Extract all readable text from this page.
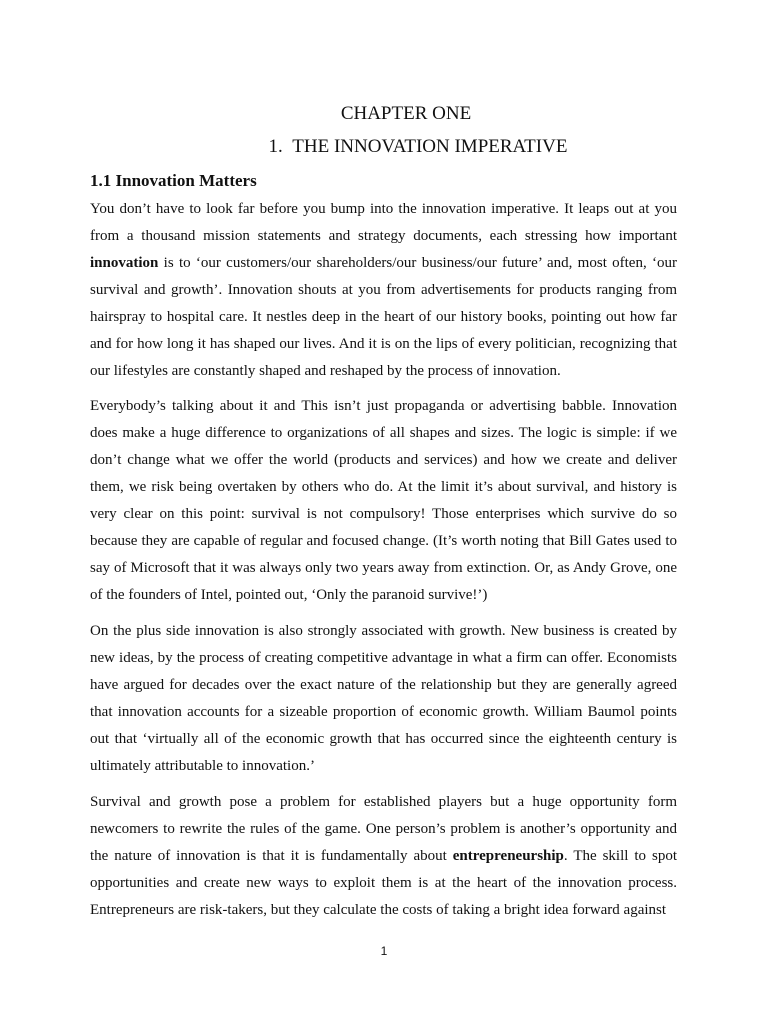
CHAPTER ONE
1. THE INNOVATION IMPERATIVE
1.1 Innovation Matters

You don’t have to look far before you bump into the innovation imperative. It leaps out at you from a thousand mission statements and strategy documents, each stressing how important innovation is to ‘our customers/our shareholders/our business/our future’ and, most often, ‘our survival and growth’. Innovation shouts at you from advertisements for products ranging from hairspray to hospital care. It nestles deep in the heart of our history books, pointing out how far and for how long it has shaped our lives. And it is on the lips of every politician, recognizing that our lifestyles are constantly shaped and reshaped by the process of innovation.

Everybody’s talking about it and This isn’t just propaganda or advertising babble. Innovation does make a huge difference to organizations of all shapes and sizes. The logic is simple: if we don’t change what we offer the world (products and services) and how we create and deliver them, we risk being overtaken by others who do. At the limit it’s about survival, and history is very clear on this point: survival is not compulsory! Those enterprises which survive do so because they are capable of regular and focused change. (It’s worth noting that Bill Gates used to say of Microsoft that it was always only two years away from extinction. Or, as Andy Grove, one of the founders of Intel, pointed out, ‘Only the paranoid survive!’)

On the plus side innovation is also strongly associated with growth. New business is created by new ideas, by the process of creating competitive advantage in what a firm can offer. Economists have argued for decades over the exact nature of the relationship but they are generally agreed that innovation accounts for a sizeable proportion of economic growth. William Baumol points out that ‘virtually all of the economic growth that has occurred since the eighteenth century is ultimately attributable to innovation.’

Survival and growth pose a problem for established players but a huge opportunity form newcomers to rewrite the rules of the game. One person’s problem is another’s opportunity and the nature of innovation is that it is fundamentally about entrepreneurship. The skill to spot opportunities and create new ways to exploit them is at the heart of the innovation process. Entrepreneurs are risk-takers, but they calculate the costs of taking a bright idea forward against

1
